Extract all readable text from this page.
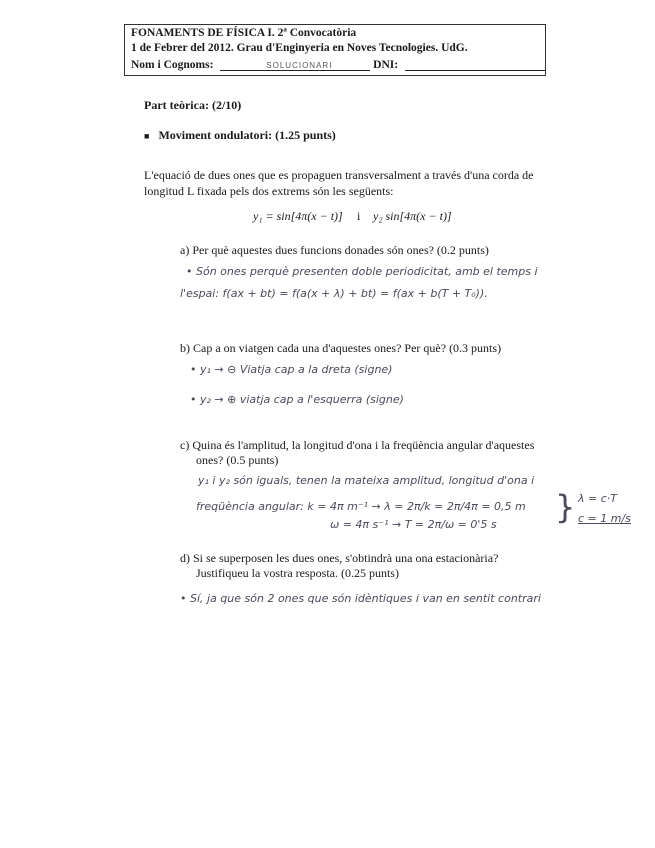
FONAMENTS DE FÍSICA I. 2ª Convocatòria
1 de Febrer del 2012. Grau d'Enginyeria en Noves Tecnologies. UdG.
Nom i Cognoms:	SOLUCIONARI	DNI:
Part teòrica: (2/10)
■ Moviment ondulatori: (1.25 punts)
L'equació de dues ones que es propaguen transversalment a través d'una corda de
longitud L fixada pels dos extrems són les següents:
y₁ = sin[4π(x − t)] i y₂ sin[4π(x − t)]
a) Per què aquestes dues funcions donades són ones? (0.2 punts)
• Són ones perquè presenten doble periodicitat, amb el temps i
l'espai: f(ax + bt) = f(a(x + λ) + bt) = f(ax + b(T + T₀)).
b) Cap a on viatgen cada una d'aquestes ones? Per què? (0.3 punts)
• y₁ → ⊖ Viatja cap a la dreta (signe)
• y₂ → ⊕ viatja cap a l'esquerra (signe)
c) Quina és l'amplitud, la longitud d'ona i la freqüència angular d'aquestes
ones? (0.5 punts)
y₁ i y₂ són iguals, tenen la mateixa amplitud, longitud d'ona i
freqüència angular: k = 4π m⁻¹ → λ = 2π/k = 2π/4π = 0,5 m
ω = 4π s⁻¹ → T = 2π/ω = 0'5 s } λ = c·T
c = 1 m/s
d) Si se superposen les dues ones, s'obtindrà una ona estacionària?
Justifiqueu la vostra resposta. (0.25 punts)
• Sí, ja que són 2 ones que són idèntiques i van en sentit contrari
